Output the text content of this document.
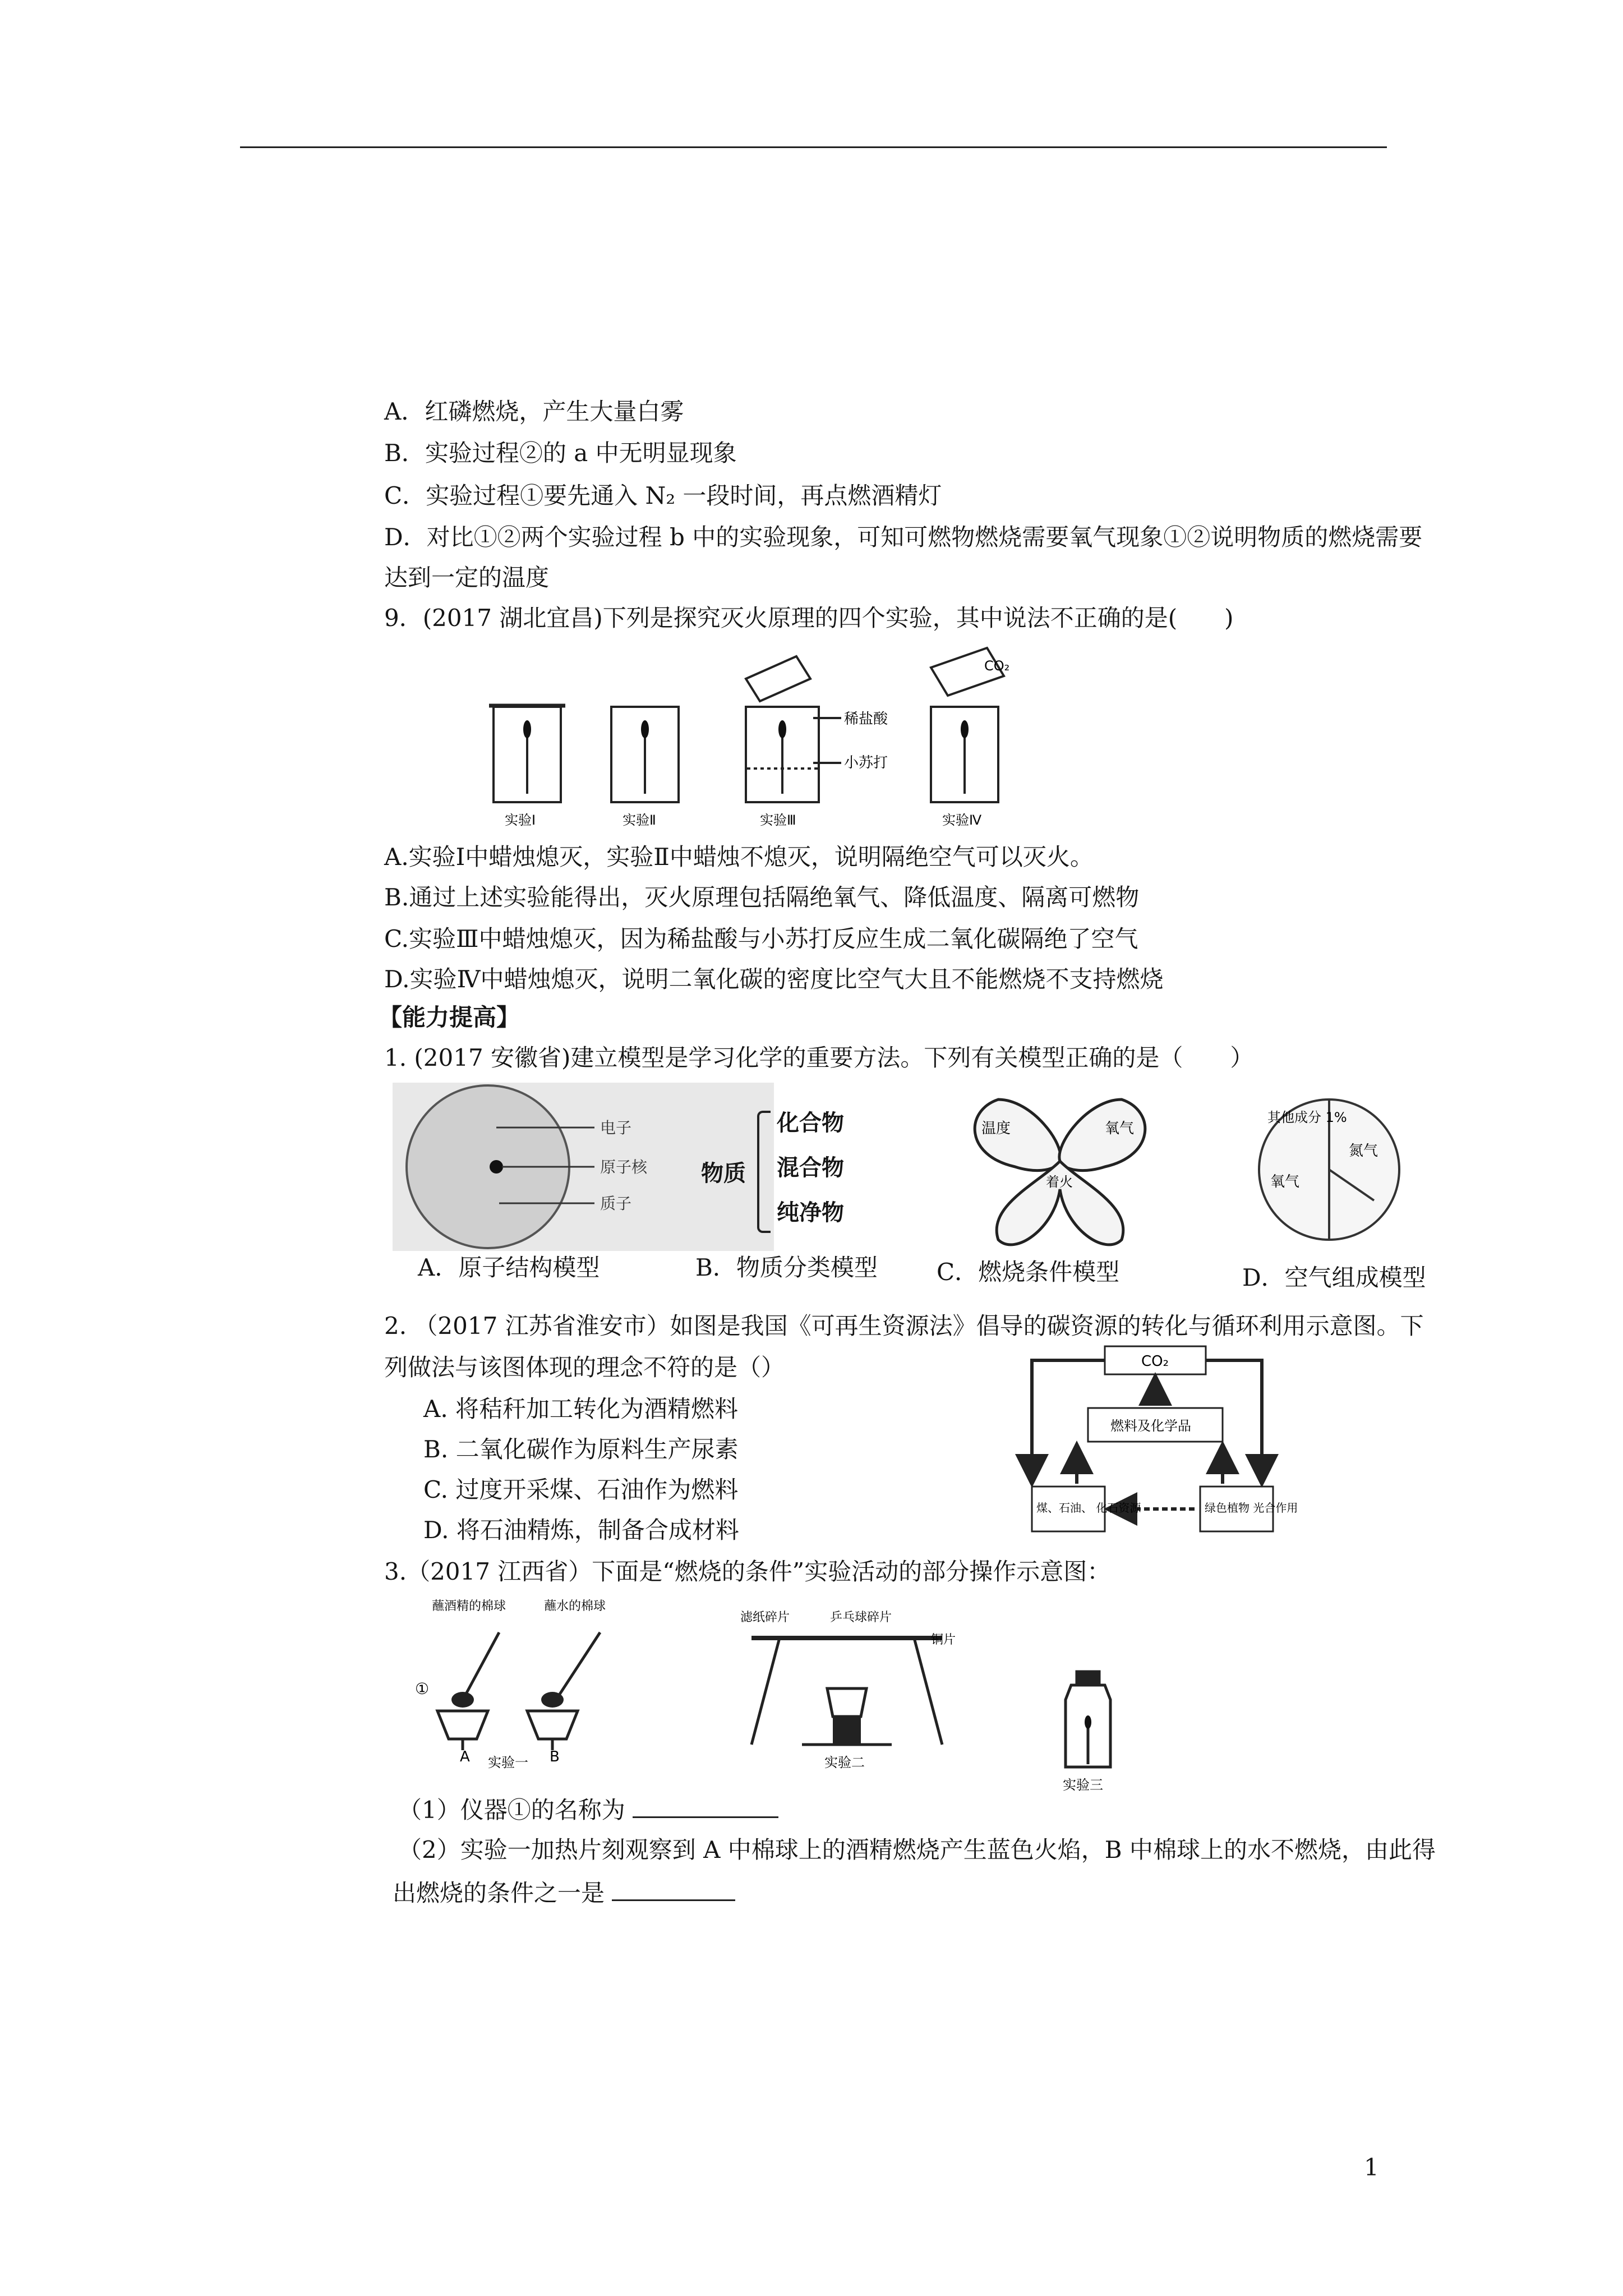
A．红磷燃烧，产生大量白雾
B．实验过程②的 a 中无明显现象
C．实验过程①要先通入 N₂ 一段时间，再点燃酒精灯
D．对比①②两个实验过程 b 中的实验现象，可知可燃物燃烧需要氧气现象①②说明物质的燃烧需要
达到一定的温度
9．(2017 湖北宜昌)下列是探究灭火原理的四个实验，其中说法不正确的是(　　)
CO₂
稀盐酸
小苏打
实验Ⅰ	实验Ⅱ	实验Ⅲ	实验Ⅳ
A.实验Ⅰ中蜡烛熄灭，实验Ⅱ中蜡烛不熄灭，说明隔绝空气可以灭火。
B.通过上述实验能得出，灭火原理包括隔绝氧气、降低温度、隔离可燃物
C.实验Ⅲ中蜡烛熄灭，因为稀盐酸与小苏打反应生成二氧化碳隔绝了空气
D.实验Ⅳ中蜡烛熄灭，说明二氧化碳的密度比空气大且不能燃烧不支持燃烧
【能力提高】
1. (2017 安徽省)建立模型是学习化学的重要方法。下列有关模型正确的是（　　）
电子
原子核
质子
物质
化合物
混合物
纯净物
温度
着火
氧气
其他成分 1%
氮气
氧气
A．原子结构模型	B．物质分类模型	C．燃烧条件模型	D．空气组成模型
2. （2017 江苏省淮安市）如图是我国《可再生资源法》倡导的碳资源的转化与循环利用示意图。下
列做法与该图体现的理念不符的是（）
A. 将秸秆加工转化为酒精燃料
B. 二氧化碳作为原料生产尿素
C. 过度开采煤、石油作为燃料
D. 将石油精炼，制备合成材料
CO₂
燃料及化学品
煤、石油、 化石资源	绿色植物 光合作用
3.（2017 江西省）下面是“燃烧的条件”实验活动的部分操作示意图：
蘸酒精的棉球	蘸水的棉球
①
A	B
实验一
滤纸碎片	乒乓球碎片
铜片
实验二
实验三
（1）仪器①的名称为
（2）实验一加热片刻观察到 A 中棉球上的酒精燃烧产生蓝色火焰，B 中棉球上的水不燃烧，由此得
出燃烧的条件之一是
1
